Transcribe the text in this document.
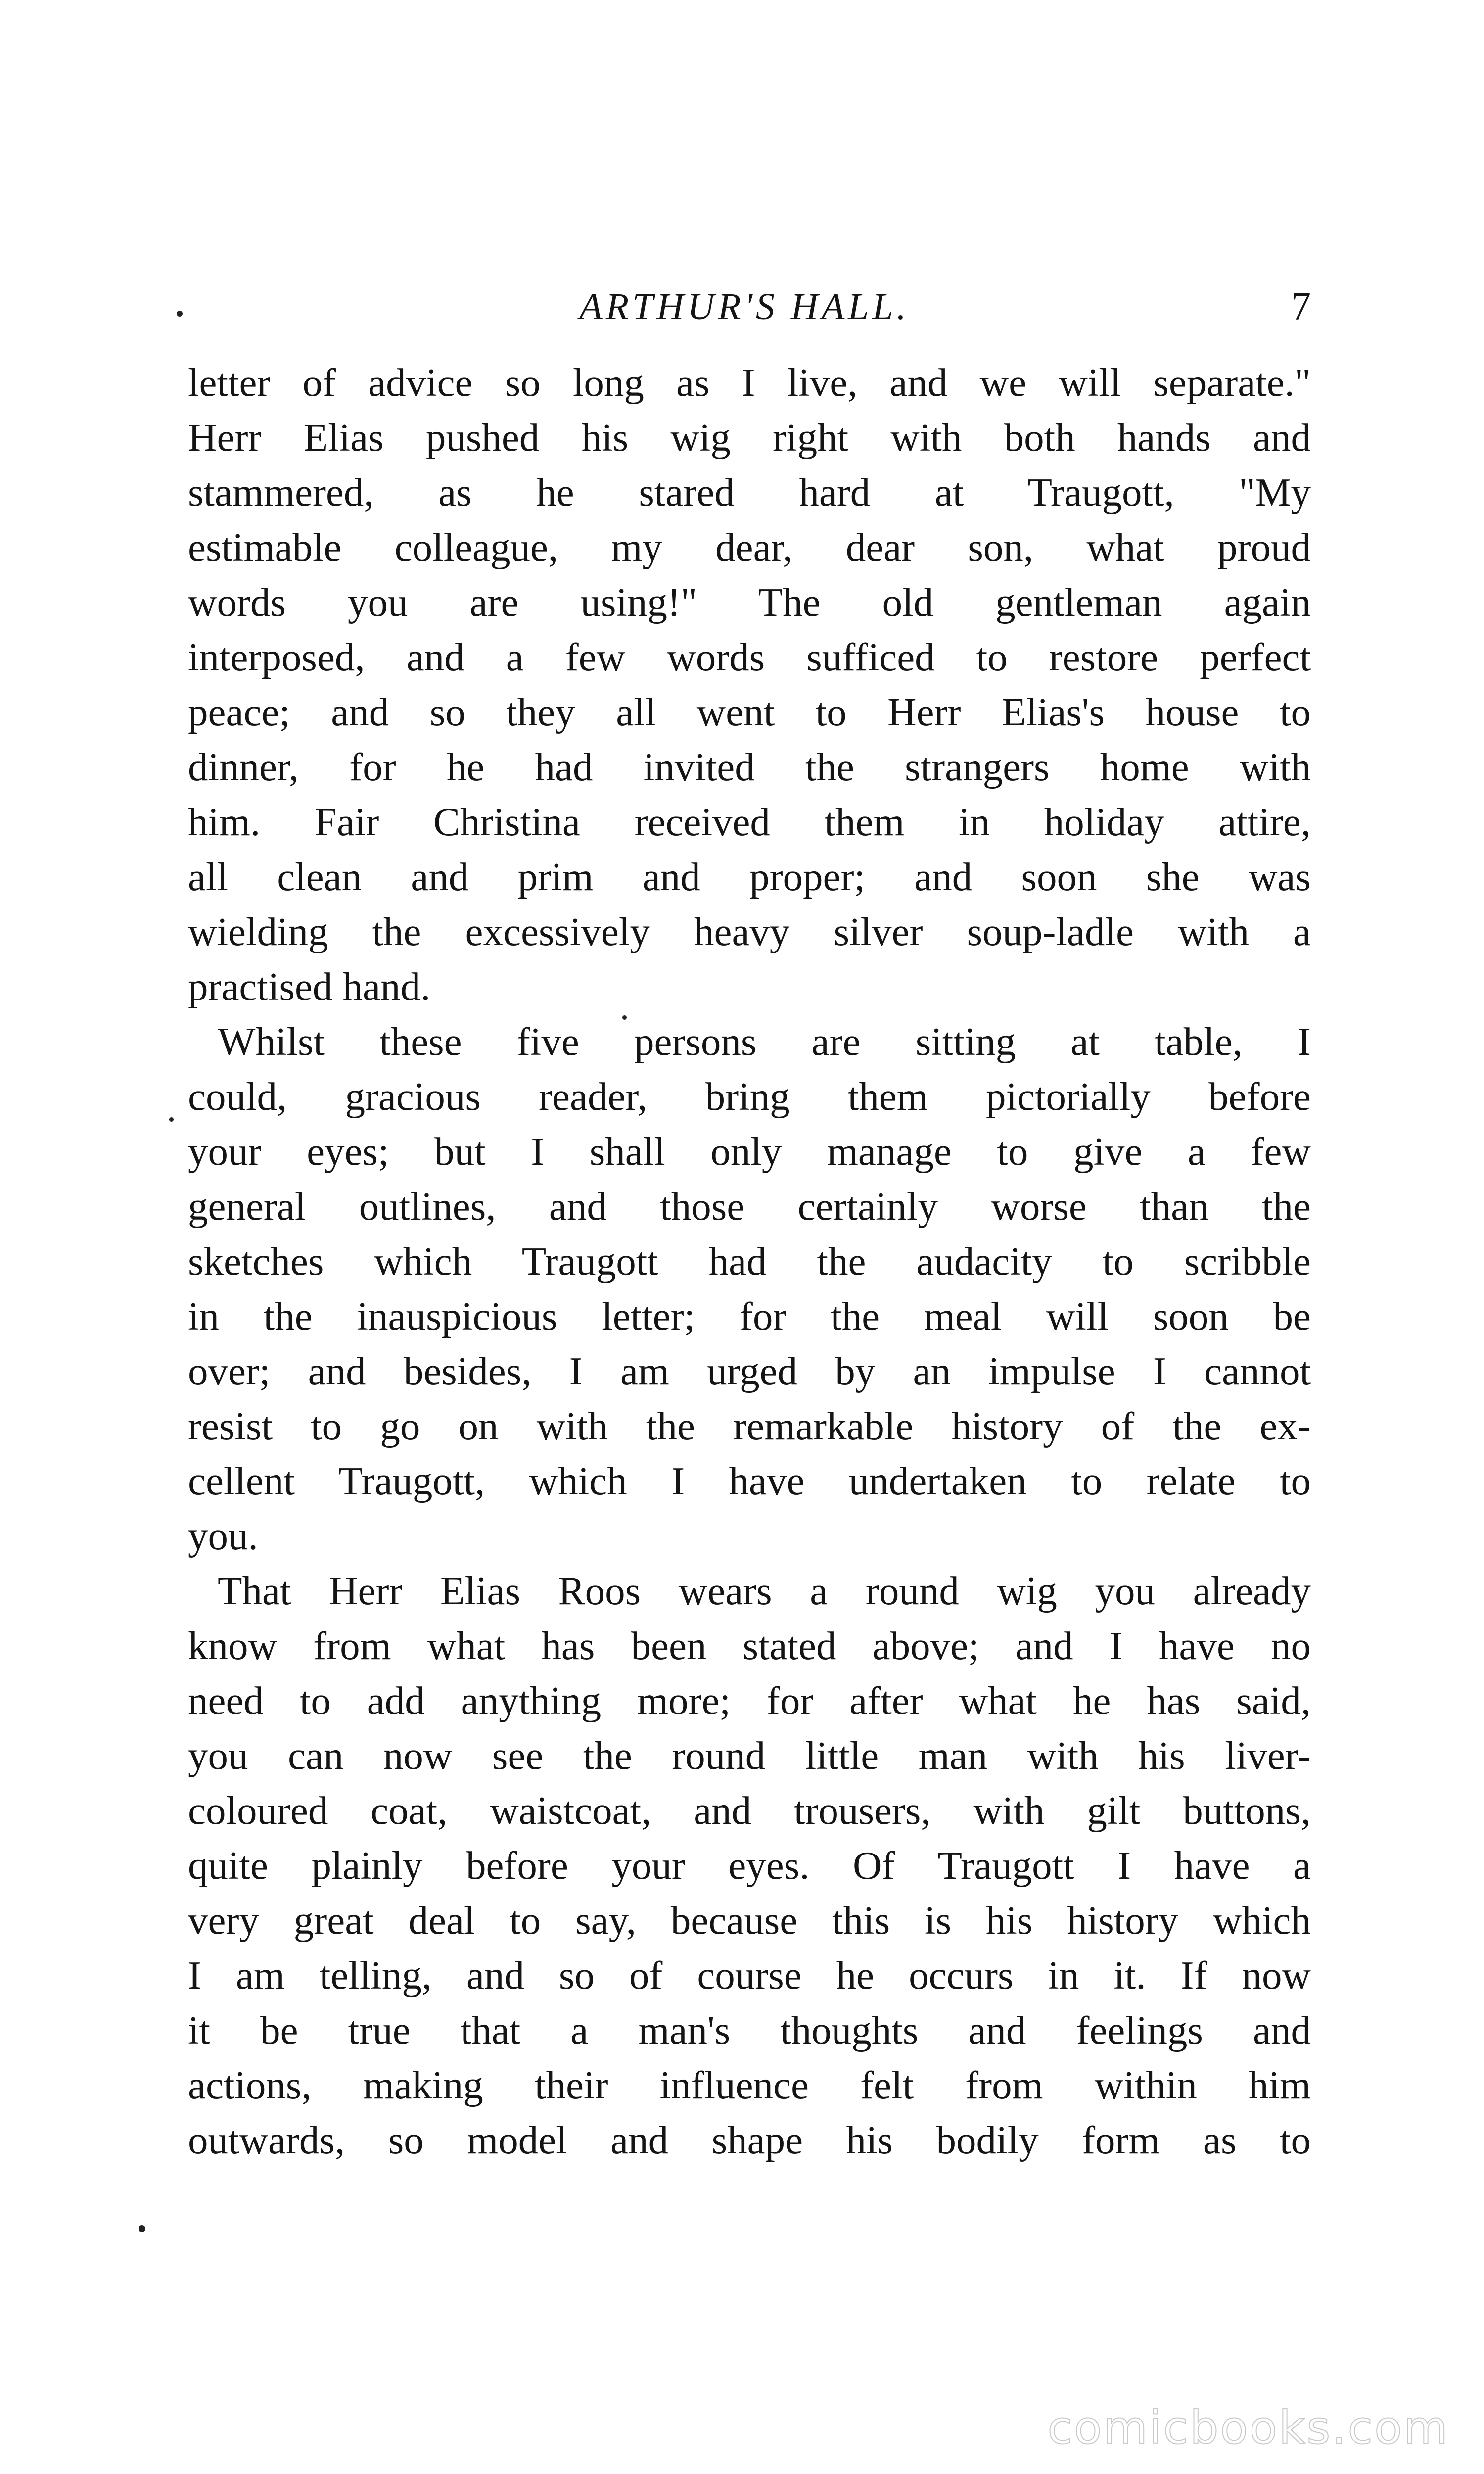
ARTHUR'S HALL.	7
letter of advice so long as I live, and we will separate."
Herr Elias pushed his wig right with both hands and
stammered, as he stared hard at Traugott, "My
estimable colleague, my dear, dear son, what proud
words you are using!" The old gentleman again
interposed, and a few words sufficed to restore perfect
peace; and so they all went to Herr Elias's house to
dinner, for he had invited the strangers home with
him. Fair Christina received them in holiday attire,
all clean and prim and proper; and soon she was
wielding the excessively heavy silver soup-ladle with a
practised hand.
Whilst these five persons are sitting at table, I
could, gracious reader, bring them pictorially before
your eyes; but I shall only manage to give a few
general outlines, and those certainly worse than the
sketches which Traugott had the audacity to scribble
in the inauspicious letter; for the meal will soon be
over; and besides, I am urged by an impulse I cannot
resist to go on with the remarkable history of the ex-
cellent Traugott, which I have undertaken to relate to
you.
That Herr Elias Roos wears a round wig you already
know from what has been stated above; and I have no
need to add anything more; for after what he has said,
you can now see the round little man with his liver-
coloured coat, waistcoat, and trousers, with gilt buttons,
quite plainly before your eyes. Of Traugott I have a
very great deal to say, because this is his history which
I am telling, and so of course he occurs in it. If now
it be true that a man's thoughts and feelings and
actions, making their influence felt from within him
outwards, so model and shape his bodily form as to
comicbooks.com
